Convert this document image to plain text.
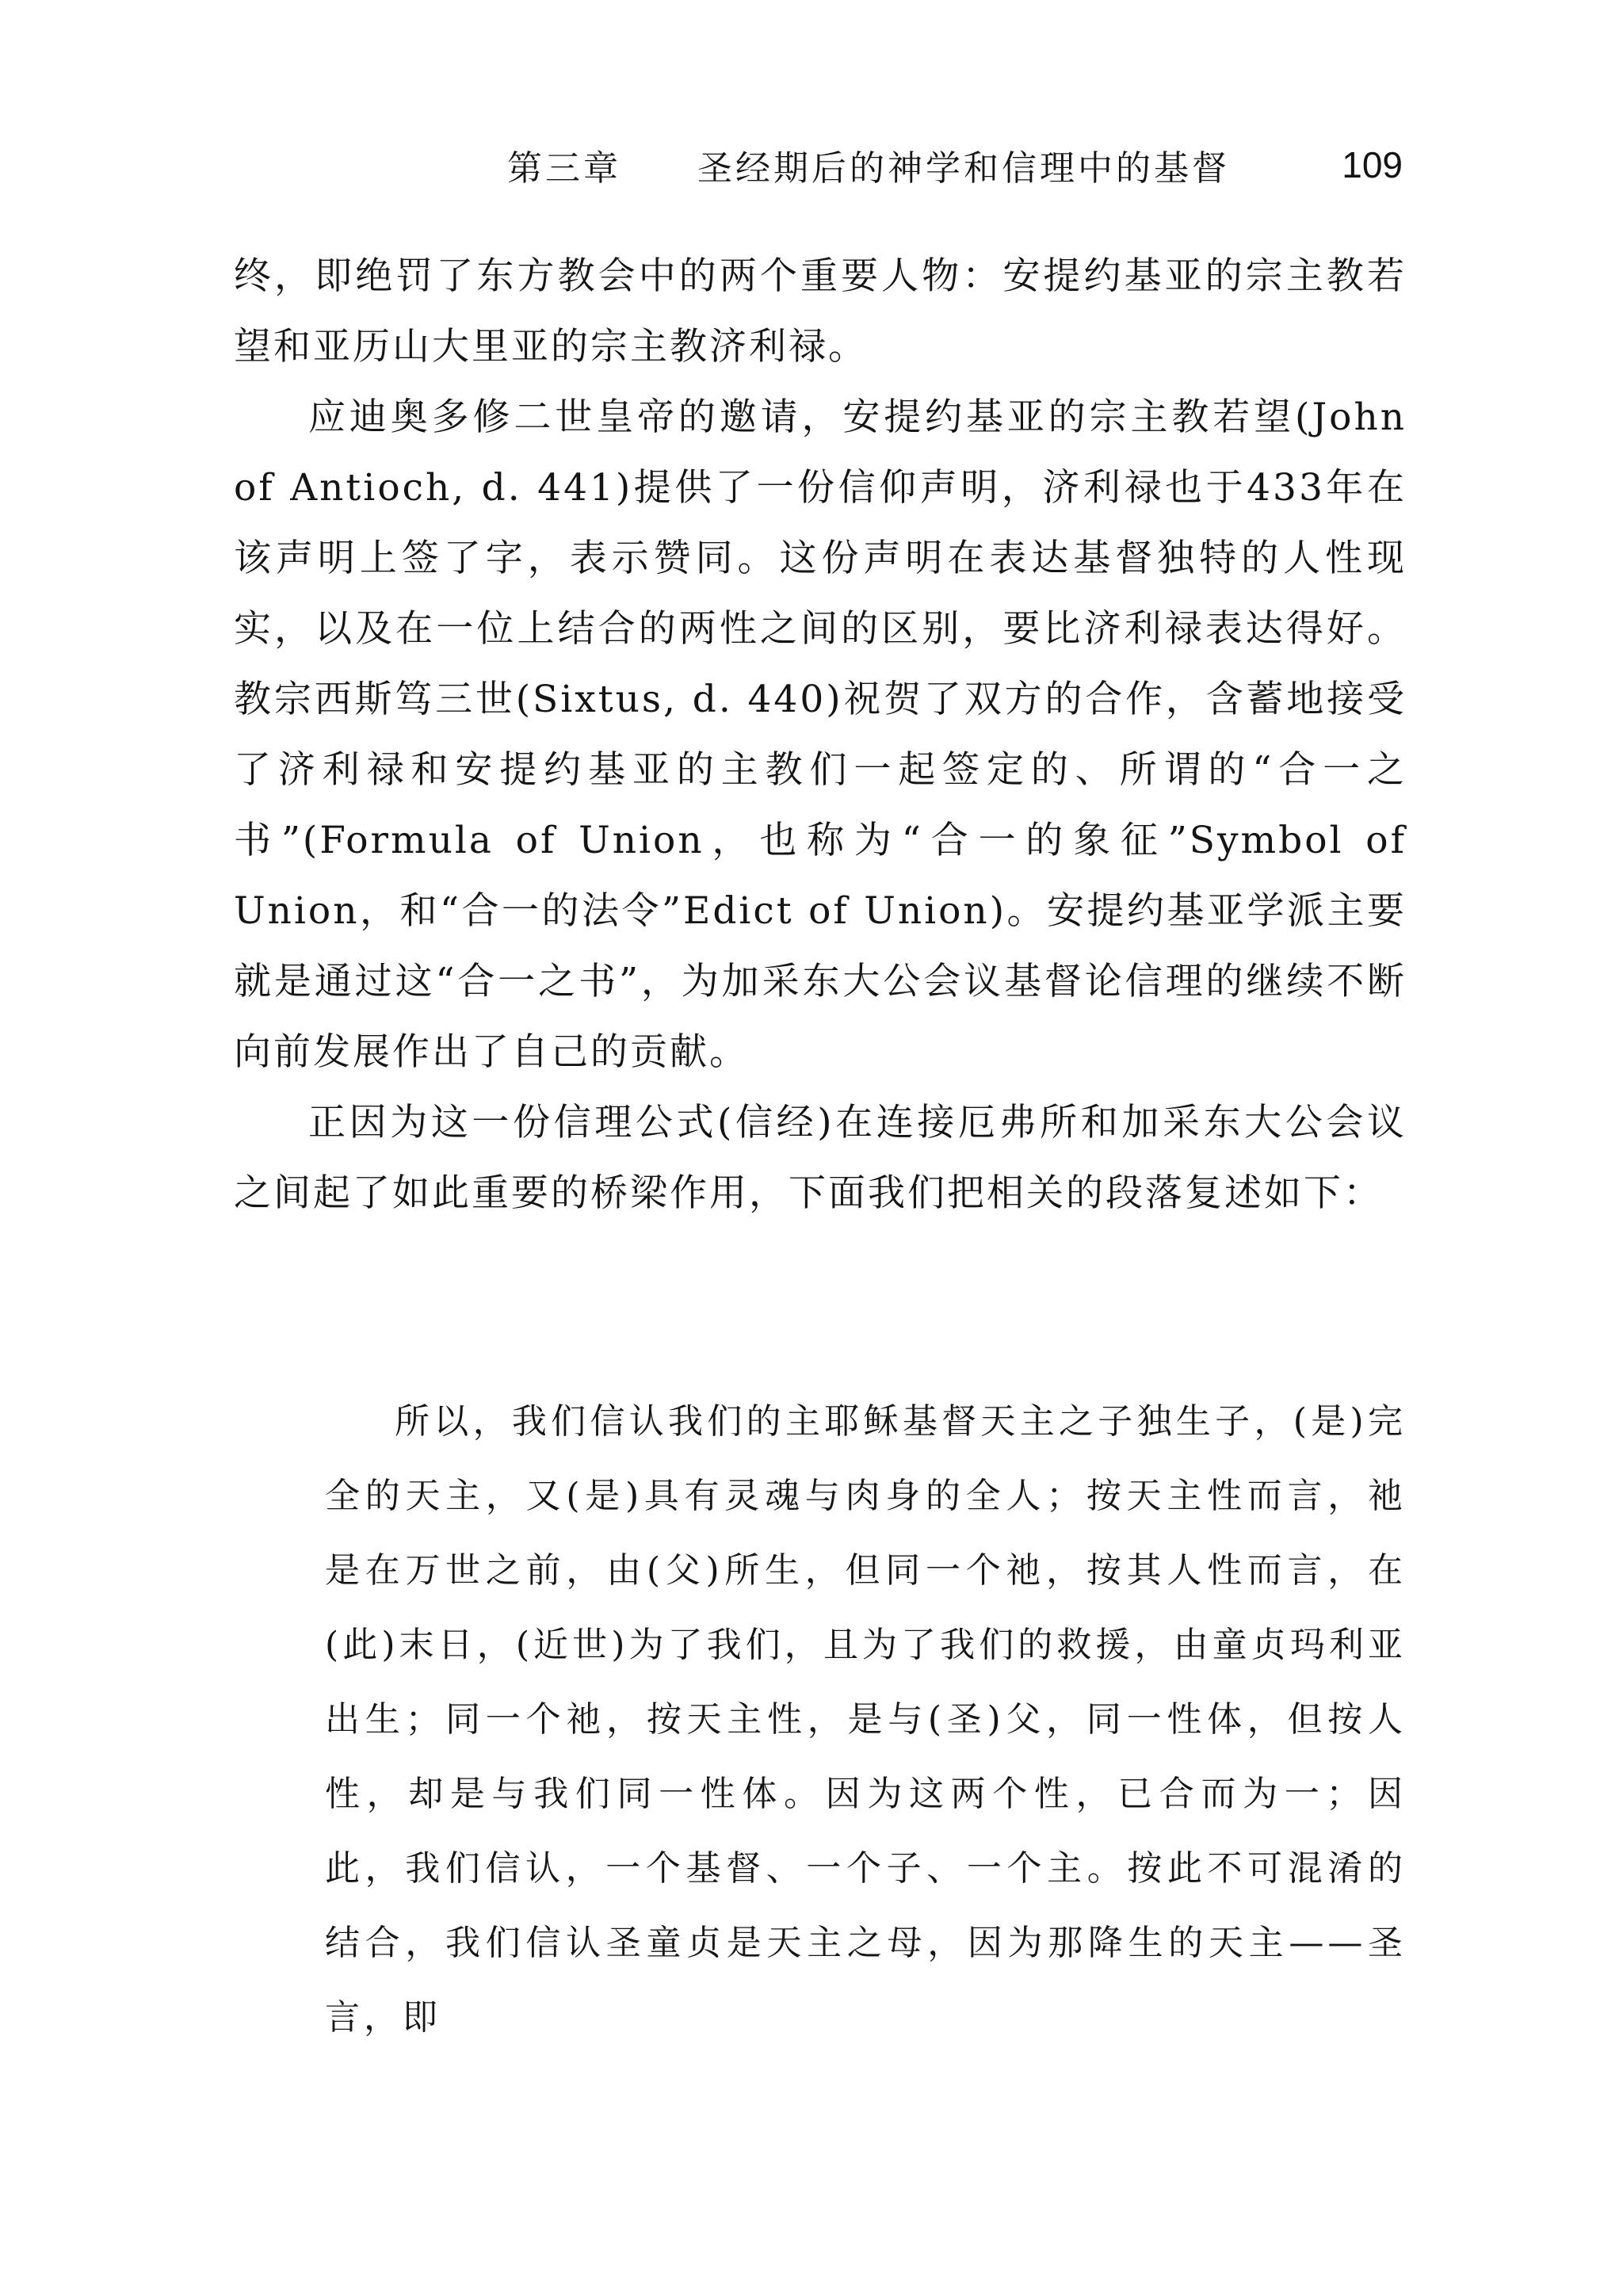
第三章 圣经期后的神学和信理中的基督	109

终，即绝罚了东方教会中的两个重要人物：安提约基亚的宗主教若望和亚历山大里亚的宗主教济利禄。

应迪奥多修二世皇帝的邀请，安提约基亚的宗主教若望(John of Antioch, d. 441)提供了一份信仰声明，济利禄也于433年在该声明上签了字，表示赞同。这份声明在表达基督独特的人性现实，以及在一位上结合的两性之间的区别，要比济利禄表达得好。教宗西斯笃三世(Sixtus, d. 440)祝贺了双方的合作，含蓄地接受了济利禄和安提约基亚的主教们一起签定的、所谓的“合一之书”(Formula of Union，也称为“合一的象征”Symbol of Union，和“合一的法令”Edict of Union)。安提约基亚学派主要就是通过这“合一之书”，为加采东大公会议基督论信理的继续不断向前发展作出了自己的贡献。

正因为这一份信理公式(信经)在连接厄弗所和加采东大公会议之间起了如此重要的桥梁作用，下面我们把相关的段落复述如下：

所以，我们信认我们的主耶稣基督天主之子独生子，(是)完全的天主，又(是)具有灵魂与肉身的全人；按天主性而言，祂是在万世之前，由(父)所生，但同一个祂，按其人性而言，在(此)末日，(近世)为了我们，且为了我们的救援，由童贞玛利亚出生；同一个祂，按天主性，是与(圣)父，同一性体，但按人性，却是与我们同一性体。因为这两个性，已合而为一；因此，我们信认，一个基督、一个子、一个主。按此不可混淆的结合，我们信认圣童贞是天主之母，因为那降生的天主——圣言，即
